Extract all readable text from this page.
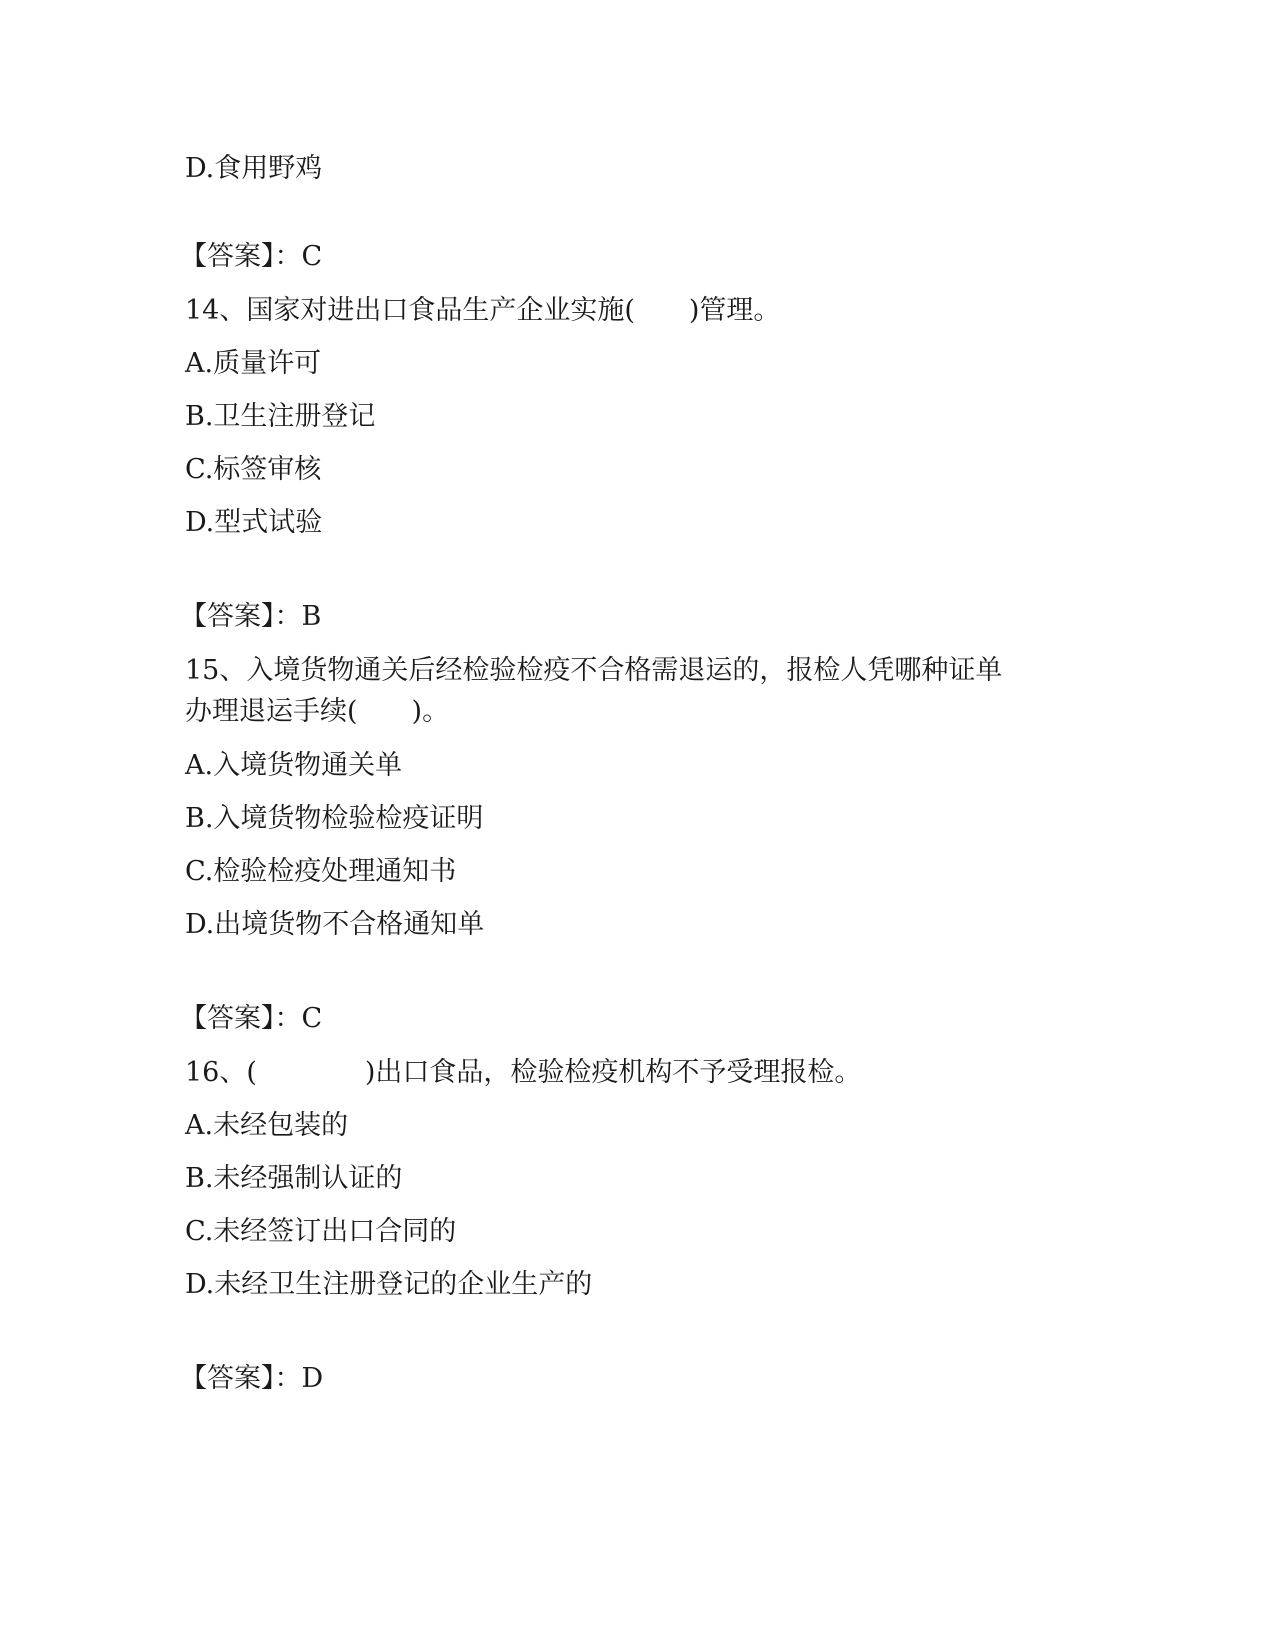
D.食用野鸡
【答案】：C
14、国家对进出口食品生产企业实施(　　)管理。
A.质量许可
B.卫生注册登记
C.标签审核
D.型式试验
【答案】：B
15、入境货物通关后经检验检疫不合格需退运的，报检人凭哪种证单
办理退运手续(　　)。
A.入境货物通关单
B.入境货物检验检疫证明
C.检验检疫处理通知书
D.出境货物不合格通知单
【答案】：C
16、(　　　　)出口食品，检验检疫机构不予受理报检。
A.未经包装的
B.未经强制认证的
C.未经签订出口合同的
D.未经卫生注册登记的企业生产的
【答案】：D
